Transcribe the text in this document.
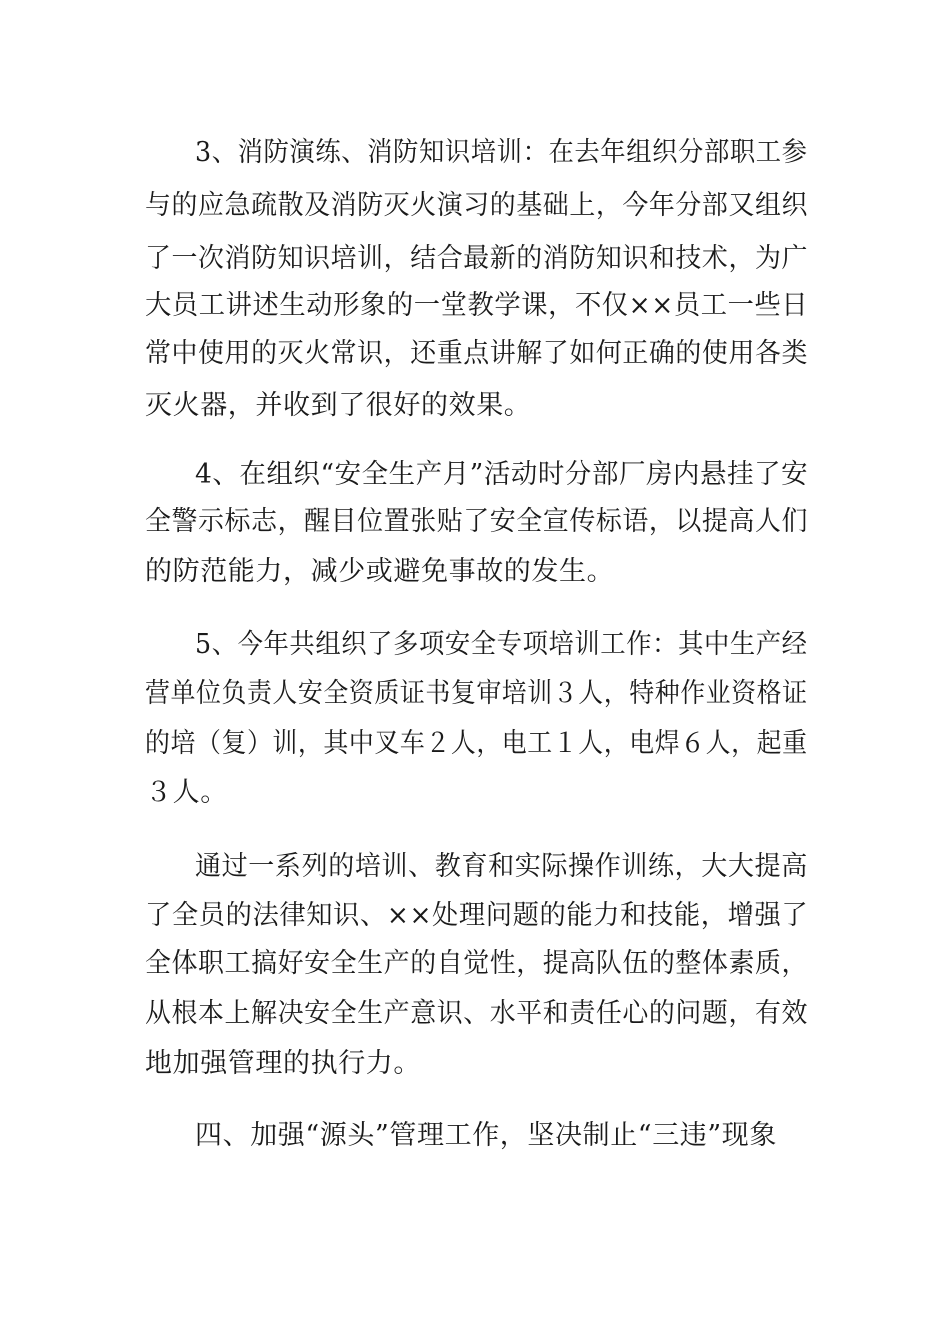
3、消防演练、消防知识培训：在去年组织分部职工参
与的应急疏散及消防灭火演习的基础上，今年分部又组织
了一次消防知识培训，结合最新的消防知识和技术，为广
大员工讲述生动形象的一堂教学课，不仅××员工一些日
常中使用的灭火常识，还重点讲解了如何正确的使用各类
灭火器，并收到了很好的效果。
4、在组织“安全生产月”活动时分部厂房内悬挂了安
全警示标志，醒目位置张贴了安全宣传标语，以提高人们
的防范能力，减少或避免事故的发生。
5、今年共组织了多项安全专项培训工作：其中生产经
营单位负责人安全资质证书复审培训３人，特种作业资格证
的培（复）训，其中叉车２人，电工１人，电焊６人，起重
３人。
通过一系列的培训、教育和实际操作训练，大大提高
了全员的法律知识、××处理问题的能力和技能，增强了
全体职工搞好安全生产的自觉性，提高队伍的整体素质，
从根本上解决安全生产意识、水平和责任心的问题，有效
地加强管理的执行力。
四、加强“源头”管理工作，坚决制止“三违”现象
